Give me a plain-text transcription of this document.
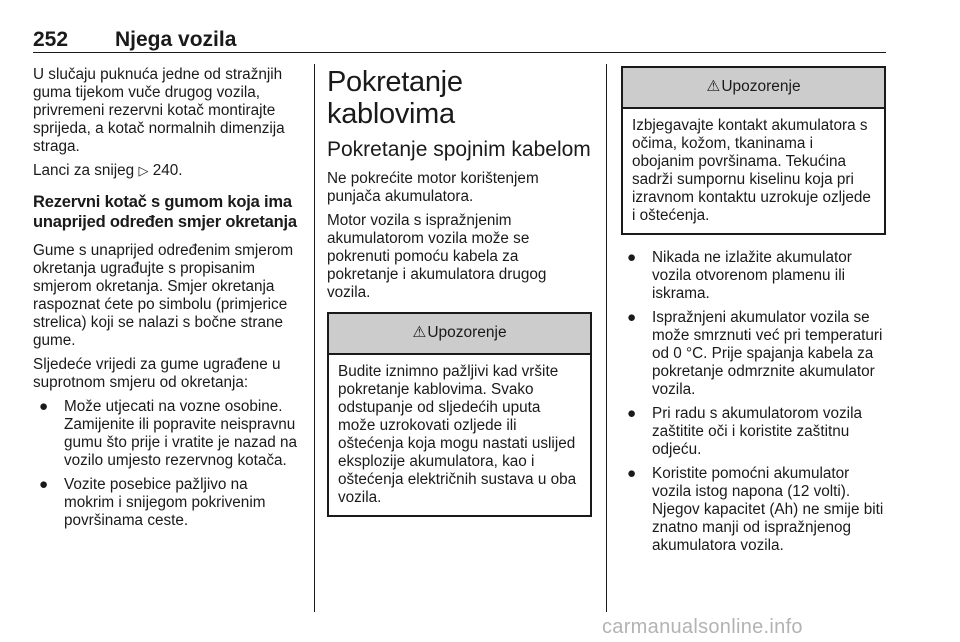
252 Njega vozila

U slučaju puknuća jedne od stražnjih guma tijekom vuče drugog vozila, privremeni rezervni kotač montirajte sprijeda, a kotač normalnih dimenzija straga.

Lanci za snijeg ▷ 240.

Rezervni kotač s gumom koja ima unaprijed određen smjer okretanja

Gume s unaprijed određenim smjerom okretanja ugrađujte s propisanim smjerom okretanja. Smjer okretanja raspoznat ćete po simbolu (primjerice strelica) koji se nalazi s bočne strane gume.

Sljedeće vrijedi za gume ugrađene u suprotnom smjeru od okretanja:

● Može utjecati na vozne osobine. Zamijenite ili popravite neispravnu gumu što prije i vratite je nazad na vozilo umjesto rezervnog kotača.
● Vozite posebice pažljivo na mokrim i snijegom pokrivenim površinama ceste.
Pokretanje kablovima
Pokretanje spojnim kabelom

Ne pokrećite motor korištenjem punjača akumulatora.

Motor vozila s ispražnjenim akumulatorom vozila može se pokrenuti pomoću kabela za pokretanje i akumulatora drugog vozila.

⚠Upozorenje
Budite iznimno pažljivi kad vršite pokretanje kablovima. Svako odstupanje od sljedećih uputa može uzrokovati ozljede ili oštećenja koja mogu nastati uslijed eksplozije akumulatora, kao i oštećenja električnih sustava u oba vozila.
⚠Upozorenje
Izbjegavajte kontakt akumulatora s očima, kožom, tkaninama i obojanim površinama. Tekućina sadrži sumpornu kiselinu koja pri izravnom kontaktu uzrokuje ozljede i oštećenja.
● Nikada ne izlažite akumulator vozila otvorenom plamenu ili iskrama.
● Ispražnjeni akumulator vozila se može smrznuti već pri temperaturi od 0 °C. Prije spajanja kabela za pokretanje odmrznite akumulator vozila.
● Pri radu s akumulatorom vozila zaštitite oči i koristite zaštitnu odjeću.
● Koristite pomoćni akumulator vozila istog napona (12 volti). Njegov kapacitet (Ah) ne smije biti znatno manji od ispražnjenog akumulatora vozila.
carmanualsonline.info
